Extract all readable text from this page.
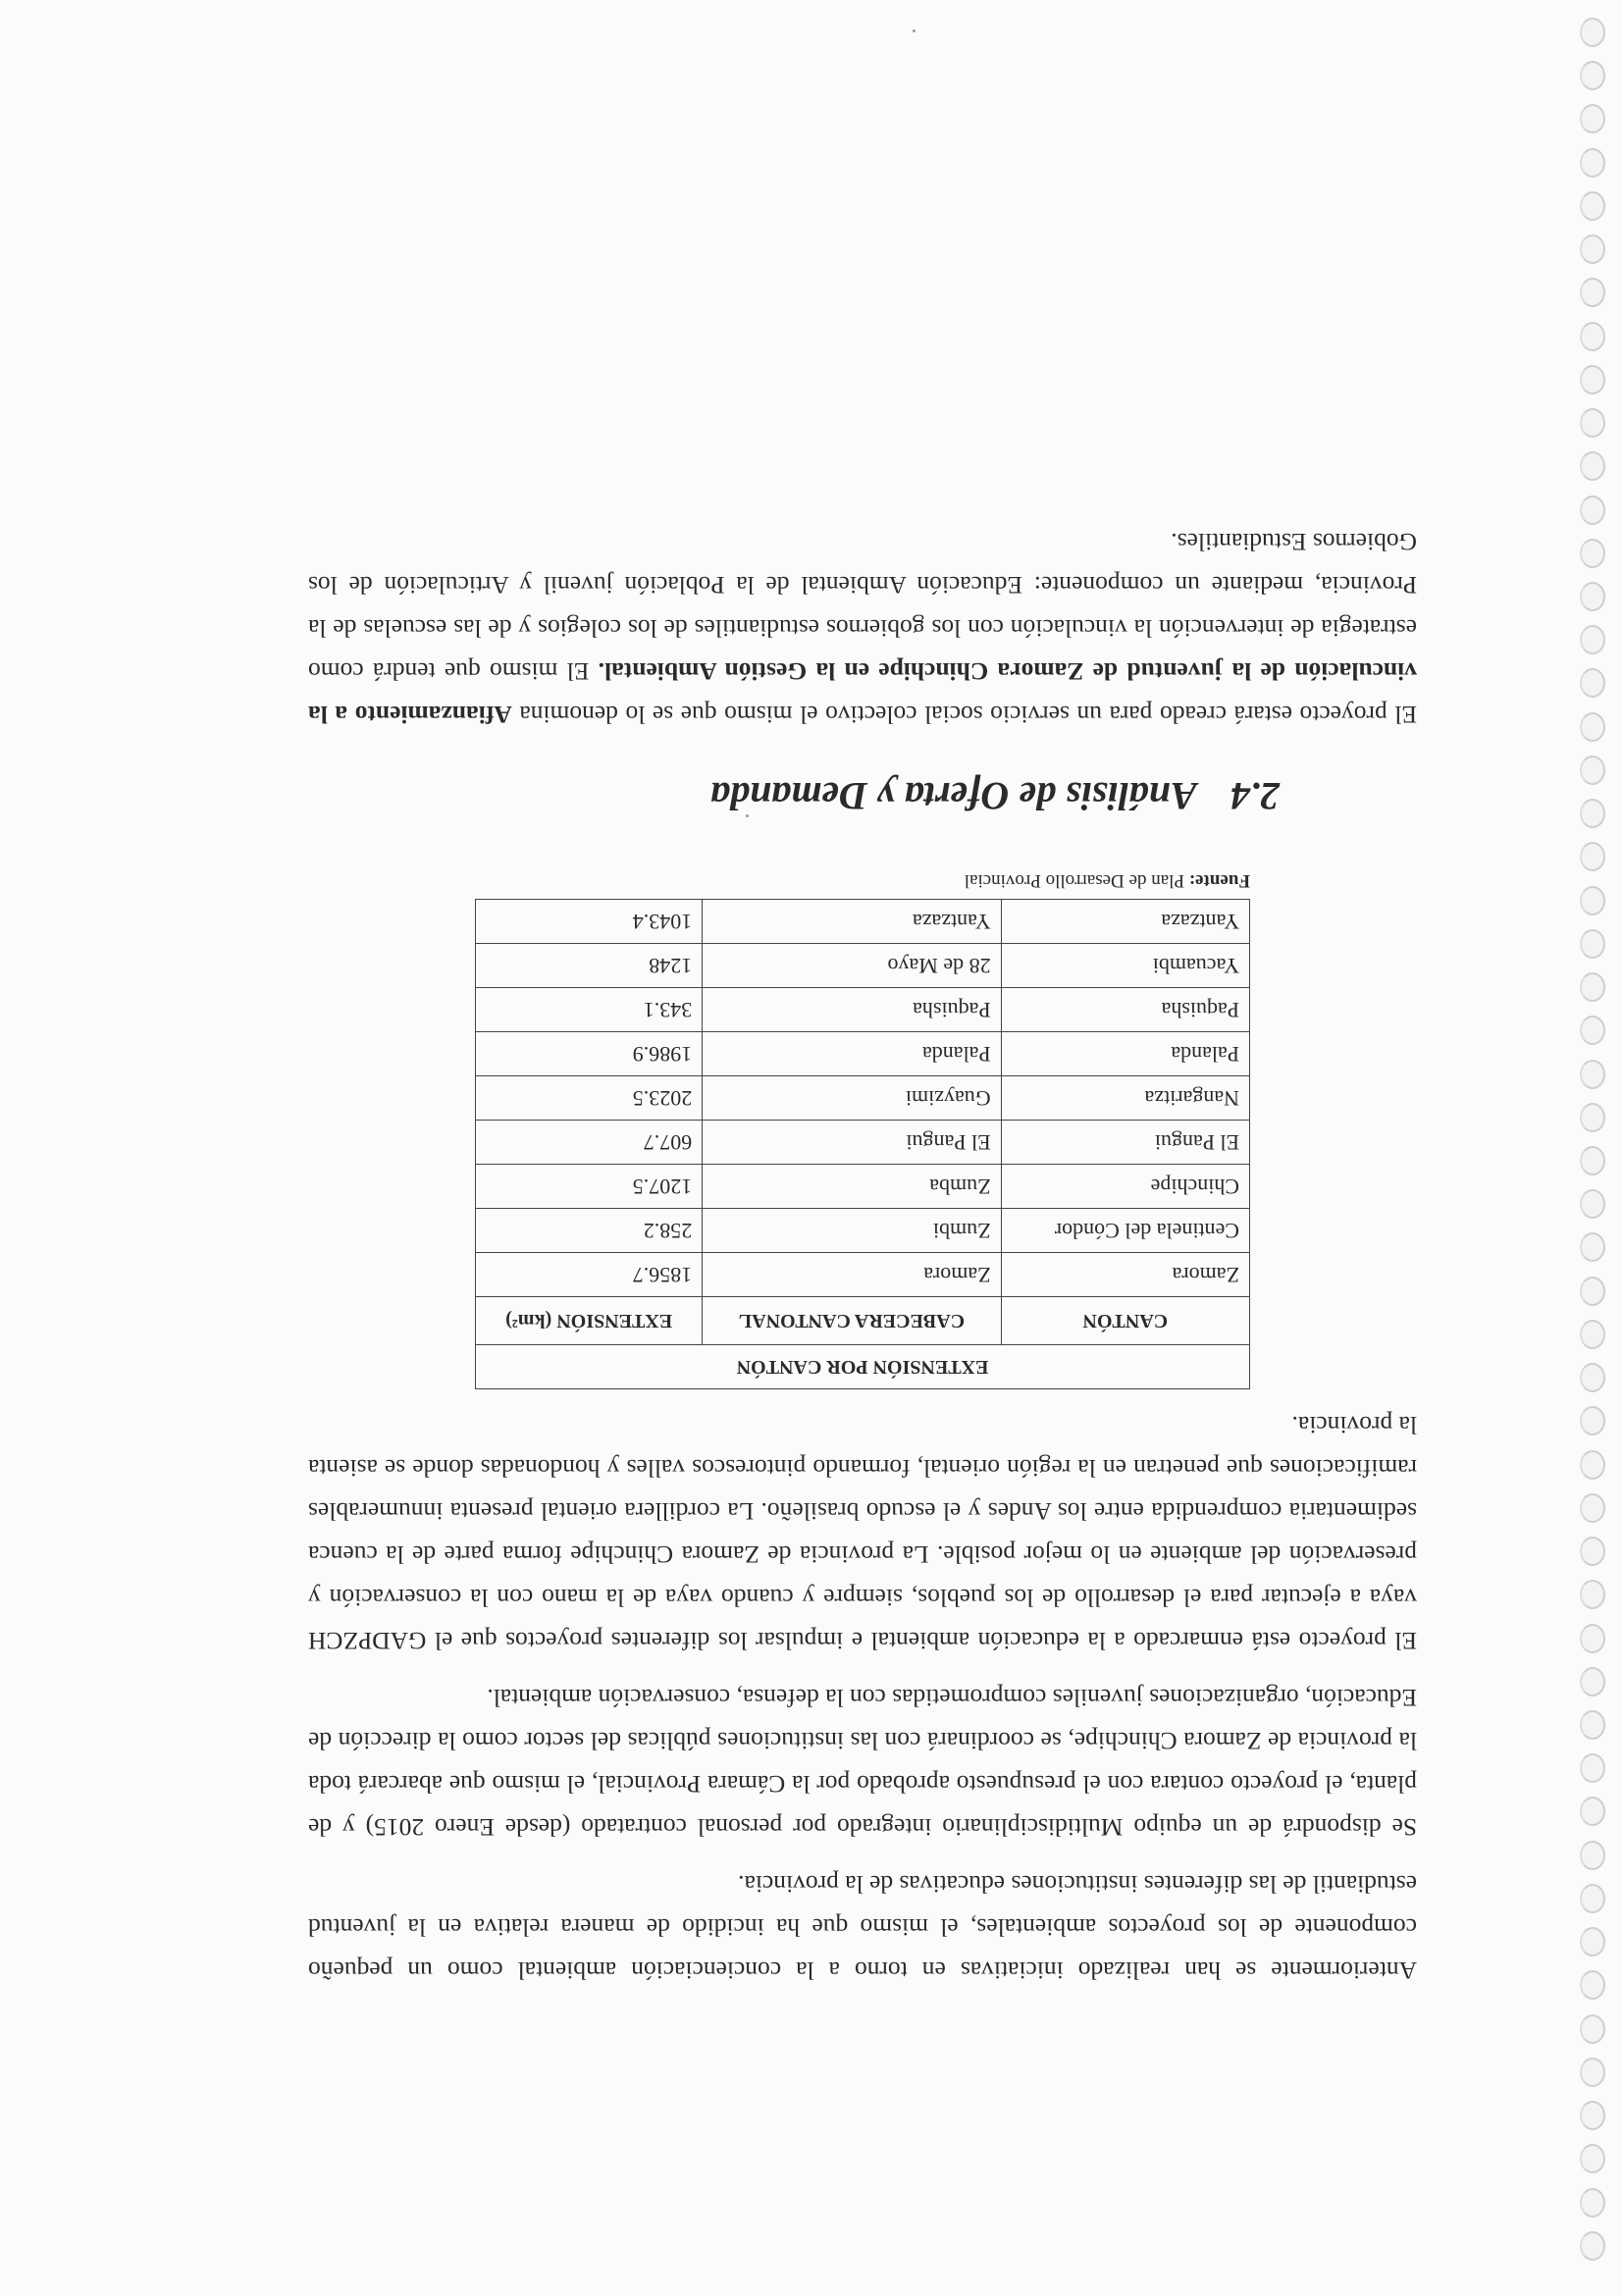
Anteriormente se han realizado iniciativas en torno a la concienciación ambiental como un pequeño componente de los proyectos ambientales, el mismo que ha incidido de manera relativa en la juventud estudiantil de las diferentes instituciones educativas de la provincia.

Se dispondrá de un equipo Multidisciplinario integrado por personal contratado (desde Enero 2015) y de planta, el proyecto contara con el presupuesto aprobado por la Cámara Provincial, el mismo que abarcará toda la provincia de Zamora Chinchipe, se coordinará con las instituciones públicas del sector como la dirección de Educación, organizaciones juveniles comprometidas con la defensa, conservación ambiental.

El proyecto está enmarcado a la educación ambiental e impulsar los diferentes proyectos que el GADPZCH vaya a ejecutar para el desarrollo de los pueblos, siempre y cuando vaya de la mano con la conservación y preservación del ambiente en lo mejor posible. La provincia de Zamora Chinchipe forma parte de la cuenca sedimentaria comprendida entre los Andes y el escudo brasileño. La cordillera oriental presenta innumerables ramificaciones que penetran en la región oriental, formando pintorescos valles y hondonadas donde se asienta la provincia.

EXTENSIÓN POR CANTÓN		
CANTÓN	CABECERA CANTONAL	EXTENSIÓN (km²)
Zamora	Zamora	1856.7
Centinela del Cóndor	Zumbi	258.2
Chinchipe	Zumba	1207.5
El Pangui	El Pangui	607.7
Nangaritza	Guayzimi	2023.5
Palanda	Palanda	1986.9
Paquisha	Paquisha	343.1
Yacuambi	28 de Mayo	1248
Yantzaza	Yantzaza	1043.4
Fuente: Plan de Desarrollo Provincial
2.4 Análisis de Oferta y Demanda

El proyecto estará creado para un servicio social colectivo el mismo que se lo denomina Afianzamiento a la vinculación de la juventud de Zamora Chinchipe en la Gestión Ambiental. El mismo que tendrá como estrategia de intervención la vinculación con los gobiernos estudiantiles de los colegios y de las escuelas de la Provincia, mediante un componente: Educación Ambiental de la Población juvenil y Articulación de los Gobiernos Estudiantiles.
